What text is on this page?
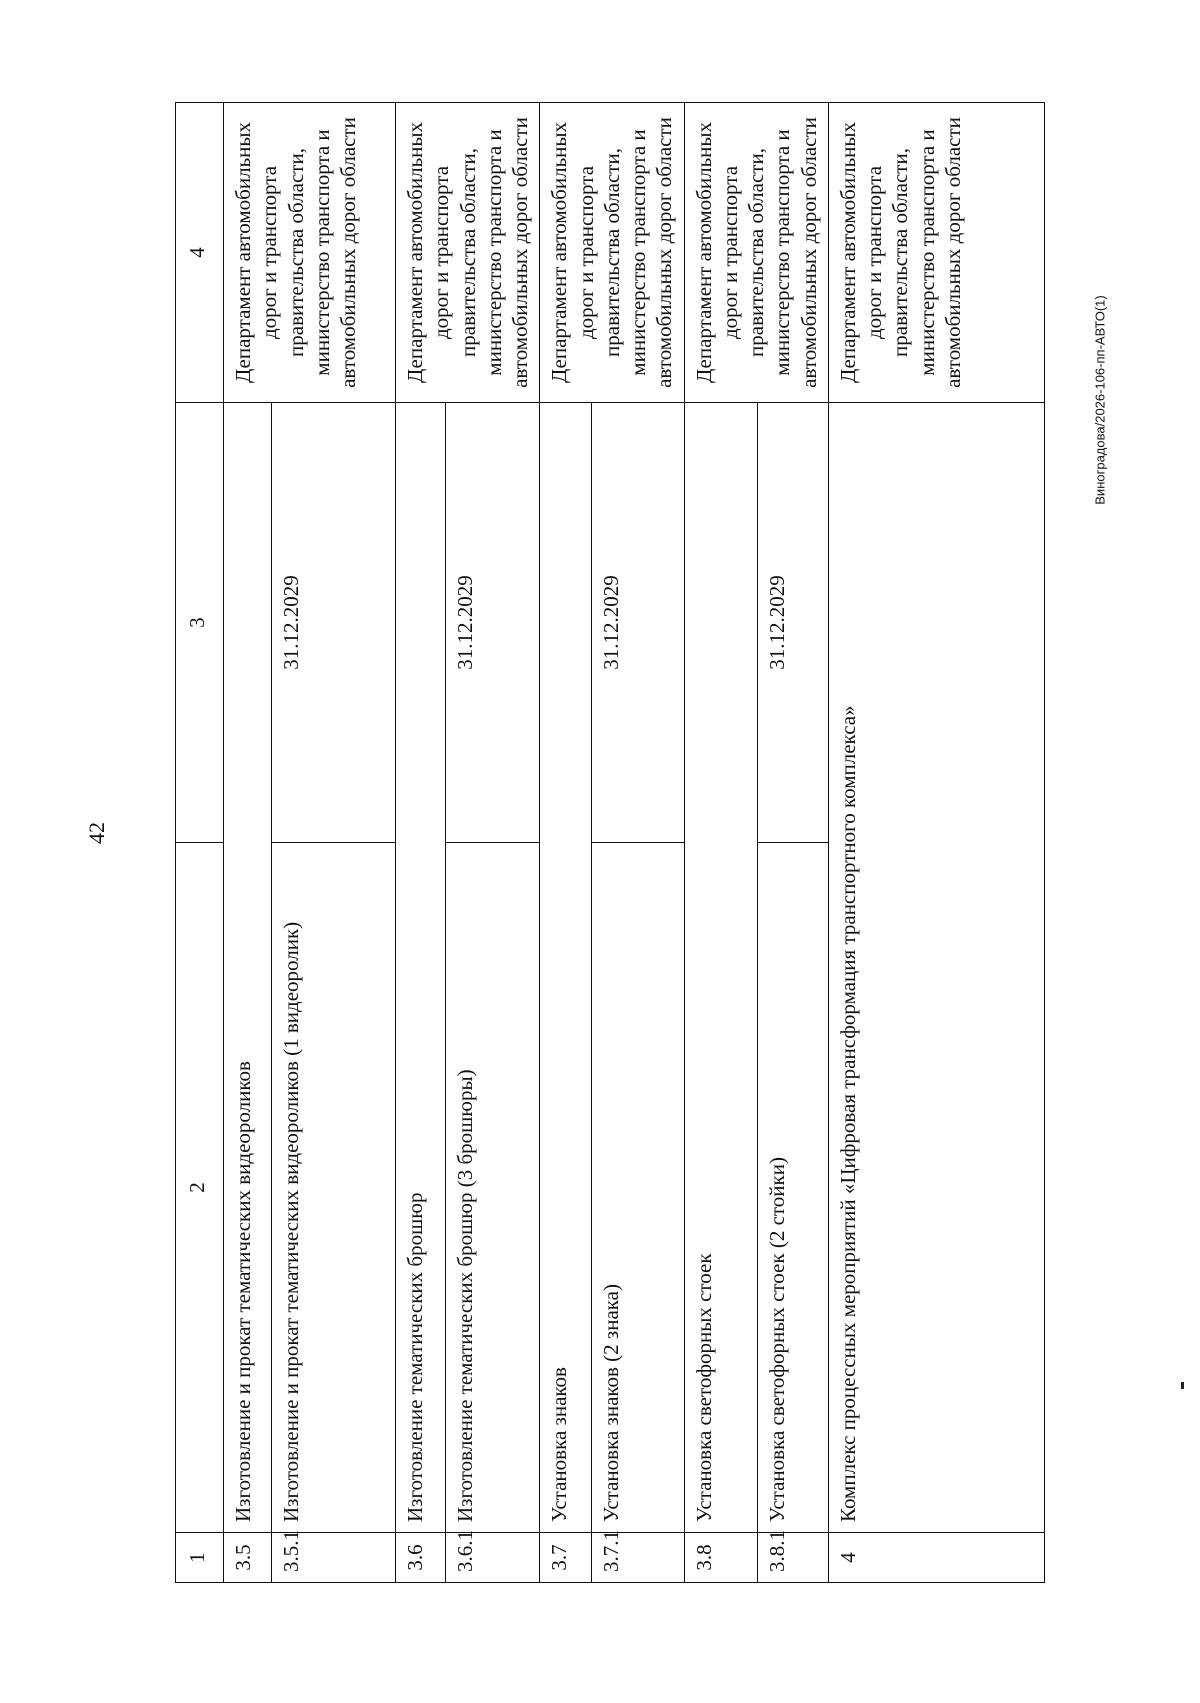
42
Виноградова/2026-106-пп-АВТО(1)
1	2	3	4
3.5	Изготовление и прокат тематических видеороликов		Департамент автомобильных дорог и транспорта правительства области, министерство транспорта и автомобильных дорог области
3.5.1	Изготовление и прокат тематических видеороликов (1 видеоролик)	31.12.2029	
3.6	Изготовление тематических брошюр		Департамент автомобильных дорог и транспорта правительства области, министерство транспорта и автомобильных дорог области
3.6.1	Изготовление тематических брошюр (3 брошюры)	31.12.2029	
3.7	Установка знаков		Департамент автомобильных дорог и транспорта правительства области, министерство транспорта и автомобильных дорог области
3.7.1	Установка знаков (2 знака)	31.12.2029	
3.8	Установка светофорных стоек		Департамент автомобильных дорог и транспорта правительства области, министерство транспорта и автомобильных дорог области
3.8.1	Установка светофорных стоек (2 стойки)	31.12.2029	
4	Комплекс процессных мероприятий «Цифровая трансформация транспортного комплекса»		Департамент автомобильных дорог и транспорта правительства области, министерство транспорта и автомобильных дорог области
